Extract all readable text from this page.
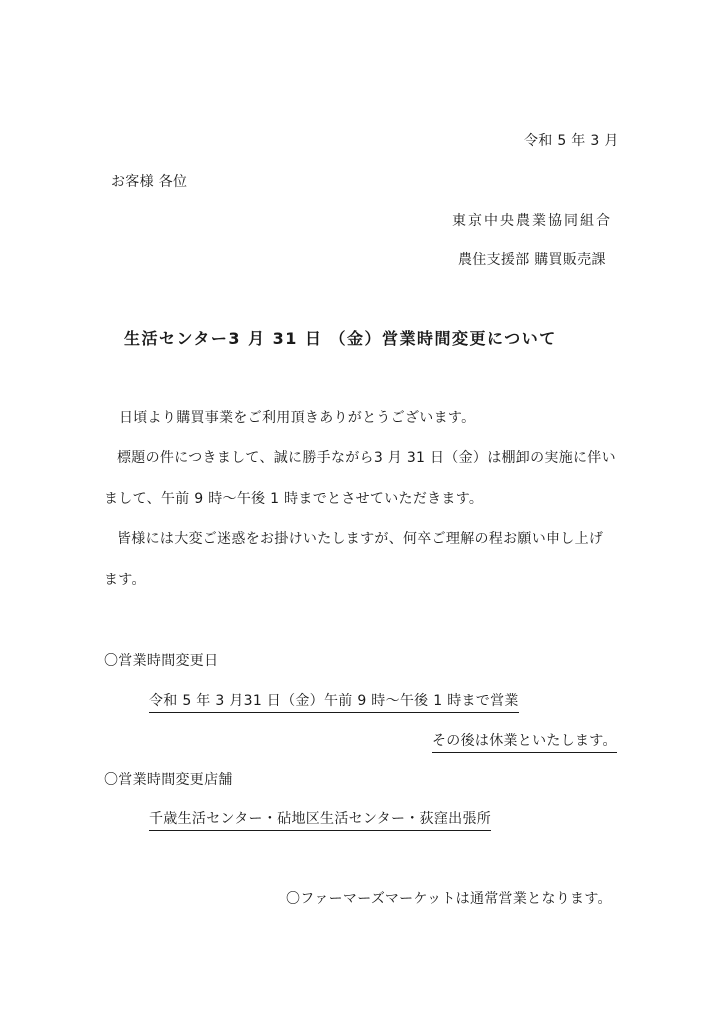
令和 5 年 3 月
お客様 各位
東京中央農業協同組合
農住支援部 購買販売課
生活センター3 月 31 日 （金）営業時間変更について
日頃より購買事業をご利用頂きありがとうございます。
標題の件につきまして、誠に勝手ながら3 月 31 日（金）は棚卸の実施に伴い
まして、午前 9 時〜午後 1 時までとさせていただきます。
皆様には大変ご迷惑をお掛けいたしますが、何卒ご理解の程お願い申し上げ
ます。
〇営業時間変更日
令和 5 年 3 月31 日（金）午前 9 時〜午後 1 時まで営業
その後は休業といたします。
〇営業時間変更店舗
千歳生活センター・砧地区生活センター・荻窪出張所
〇ファーマーズマーケットは通常営業となります。
